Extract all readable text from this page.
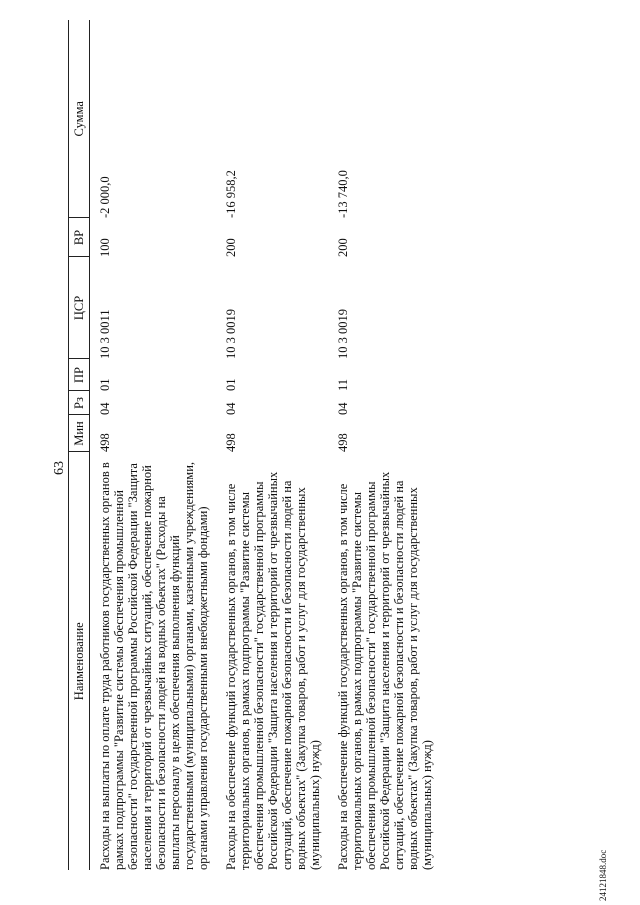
63
Наименование	Мин	Рз	ПР	ЦСР	ВР	Сумма
Расходы на выплаты по оплате труда работников государственных органов в рамках подпрограммы "Развитие системы обеспечения промышленной безопасности" государственной программы Российской Федерации "Защита населения и территорий от чрезвычайных ситуаций, обеспечение пожарной безопасности и безопасности людей на водных объектах" (Расходы на выплаты персоналу в целях обеспечения выполнения функций государственными (муниципальными) органами, казенными учреждениями, органами управления государственными внебюджетными фондами)	498	04	01	10 3 0011	100	-2 000,0
Расходы на обеспечение функций государственных органов, в том числе территориальных органов, в рамках подпрограммы "Развитие системы обеспечения промышленной безопасности" государственной программы Российской Федерации "Защита населения и территорий от чрезвычайных ситуаций, обеспечение пожарной безопасности и безопасности людей на водных объектах" (Закупка товаров, работ и услуг для государственных (муниципальных) нужд)	498	04	01	10 3 0019	200	-16 958,2
Расходы на обеспечение функций государственных органов, в том числе территориальных органов, в рамках подпрограммы "Развитие системы обеспечения промышленной безопасности" государственной программы Российской Федерации "Защита населения и территорий от чрезвычайных ситуаций, обеспечение пожарной безопасности и безопасности людей на водных объектах" (Закупка товаров, работ и услуг для государственных (муниципальных) нужд)	498	04	11	10 3 0019	200	-13 740,0
24121848.doc
